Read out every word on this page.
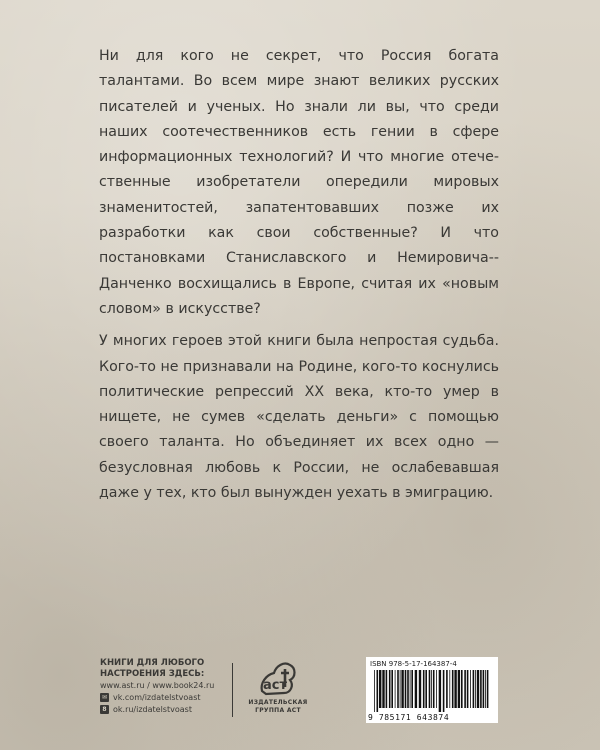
Ни для кого не секрет, что Россия богата талантами. Во всем мире знают великих русских писателей и ученых. Но знали ли вы, что среди наших соотечественников есть гении в сфере информационных технологий? И что многие отечественные изобретатели опередили мировых знаменитостей, запатентовавших позже их разработки как свои собственные? И что постановками Станиславского и Немировича-Данченко восхищались в Европе, считая их «новым словом» в искусстве?

У многих героев этой книги была непростая судьба. Кого-то не признавали на Родине, кого-то коснулись политические репрессий XX века, кто-то умер в нищете, не сумев «сделать деньги» с помощью своего таланта. Но объединяет их всех одно — безусловная любовь к России, не ослабевавшая даже у тех, кто был вынужден уехать в эмиграцию.

КНИГИ ДЛЯ ЛЮБОГО НАСТРОЕНИЯ ЗДЕСЬ:
www.ast.ru / www.book24.ru
✉ vk.com/izdatelstvoast
8 ok.ru/izdatelstvoast
аст
ИЗДАТЕЛЬСКАЯ
ГРУППА АСТ
ISBN 978-5-17-164387-4
9 785171 643874
